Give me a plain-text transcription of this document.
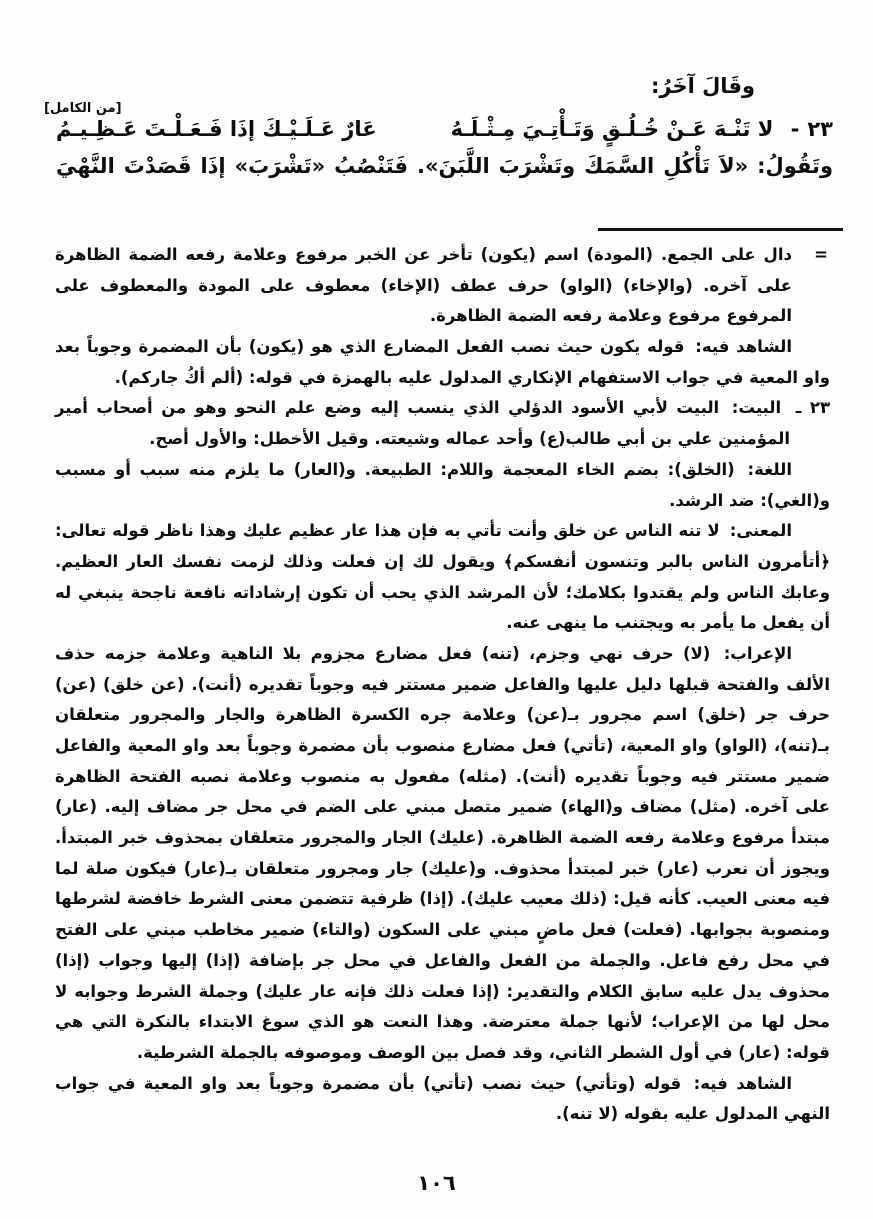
وقَالَ آخَرُ:
[من الكامل]
٢٣- لا تَنْـهَ عَـنْ خُـلُـقٍ وَتَـأْتِـيَ مِـثْـلَـهُ
عَارٌ عَـلَـيْـكَ إذَا فَـعَـلْـتَ عَـظِـيـمُ
وتَقُولُ: «لاَ تَأْكُلِ السَّمَكَ وتَشْرَبَ اللَّبَنَ». فَتَنْصُبُ «تَشْرَبَ» إذَا قَصَدْتَ النَّهْيَ
=
دال على الجمع. (المودة) اسم (يكون) تأخر عن الخبر مرفوع وعلامة رفعه الضمة الظاهرة على آخره. (والإخاء) (الواو) حرف عطف (الإخاء) معطوف على المودة والمعطوف على المرفوع مرفوع وعلامة رفعه الضمة الظاهرة.
الشاهد فيه: قوله يكون حيث نصب الفعل المضارع الذي هو (يكون) بأن المضمرة وجوباً بعد واو المعية في جواب الاستفهام الإنكاري المدلول عليه بالهمزة في قوله: (ألم أكُ جاركم).
٢٣ ـ البيت: البيت لأبي الأسود الدؤلي الذي ينسب إليه وضع علم النحو وهو من أصحاب أمير المؤمنين علي بن أبي طالب(ع) وأحد عماله وشيعته. وقيل الأخطل: والأول أصح.
اللغة: (الخلق): بضم الخاء المعجمة واللام: الطبيعة. و(العار) ما يلزم منه سبب أو مسبب و(الغي): ضد الرشد.
المعنى: لا تنه الناس عن خلق وأنت تأتي به فإن هذا عار عظيم عليك وهذا ناظر قوله تعالى: ﴿أتأمرون الناس بالبر وتنسون أنفسكم﴾ ويقول لك إن فعلت وذلك لزمت نفسك العار العظيم. وعابك الناس ولم يقتدوا بكلامك؛ لأن المرشد الذي يحب أن تكون إرشاداته نافعة ناجحة ينبغي له أن يفعل ما يأمر به ويجتنب ما ينهى عنه.
الإعراب: (لا) حرف نهي وجزم، (تنه) فعل مضارع مجزوم بلا الناهية وعلامة جزمه حذف الألف والفتحة قبلها دليل عليها والفاعل ضمير مستتر فيه وجوباً تقديره (أنت). (عن خلق) (عن) حرف جر (خلق) اسم مجرور بـ(عن) وعلامة جره الكسرة الظاهرة والجار والمجرور متعلقان بـ(تنه)، (الواو) واو المعية، (تأتي) فعل مضارع منصوب بأن مضمرة وجوباً بعد واو المعية والفاعل ضمير مستتر فيه وجوباً تقديره (أنت). (مثله) مفعول به منصوب وعلامة نصبه الفتحة الظاهرة على آخره. (مثل) مضاف و(الهاء) ضمير متصل مبني على الضم في محل جر مضاف إليه. (عار) مبتدأ مرفوع وعلامة رفعه الضمة الظاهرة. (عليك) الجار والمجرور متعلقان بمحذوف خبر المبتدأ. ويجوز أن نعرب (عار) خبر لمبتدأ محذوف. و(عليك) جار ومجرور متعلقان بـ(عار) فيكون صلة لما فيه معنى العيب. كأنه قيل: (ذلك معيب عليك). (إذا) ظرفية تتضمن معنى الشرط خافضة لشرطها ومنصوبة بجوابها. (فعلت) فعل ماضٍ مبني على السكون (والتاء) ضمير مخاطب مبني على الفتح في محل رفع فاعل. والجملة من الفعل والفاعل في محل جر بإضافة (إذا) إليها وجواب (إذا) محذوف يدل عليه سابق الكلام والتقدير: (إذا فعلت ذلك فإنه عار عليك) وجملة الشرط وجوابه لا محل لها من الإعراب؛ لأنها جملة معترضة. وهذا النعت هو الذي سوغ الابتداء بالنكرة التي هي قوله: (عار) في أول الشطر الثاني، وقد فصل بين الوصف وموصوفه بالجملة الشرطية.
الشاهد فيه: قوله (وتأتي) حيث نصب (تأتي) بأن مضمرة وجوباً بعد واو المعية في جواب النهي المدلول عليه بقوله (لا تنه).
١٠٦
